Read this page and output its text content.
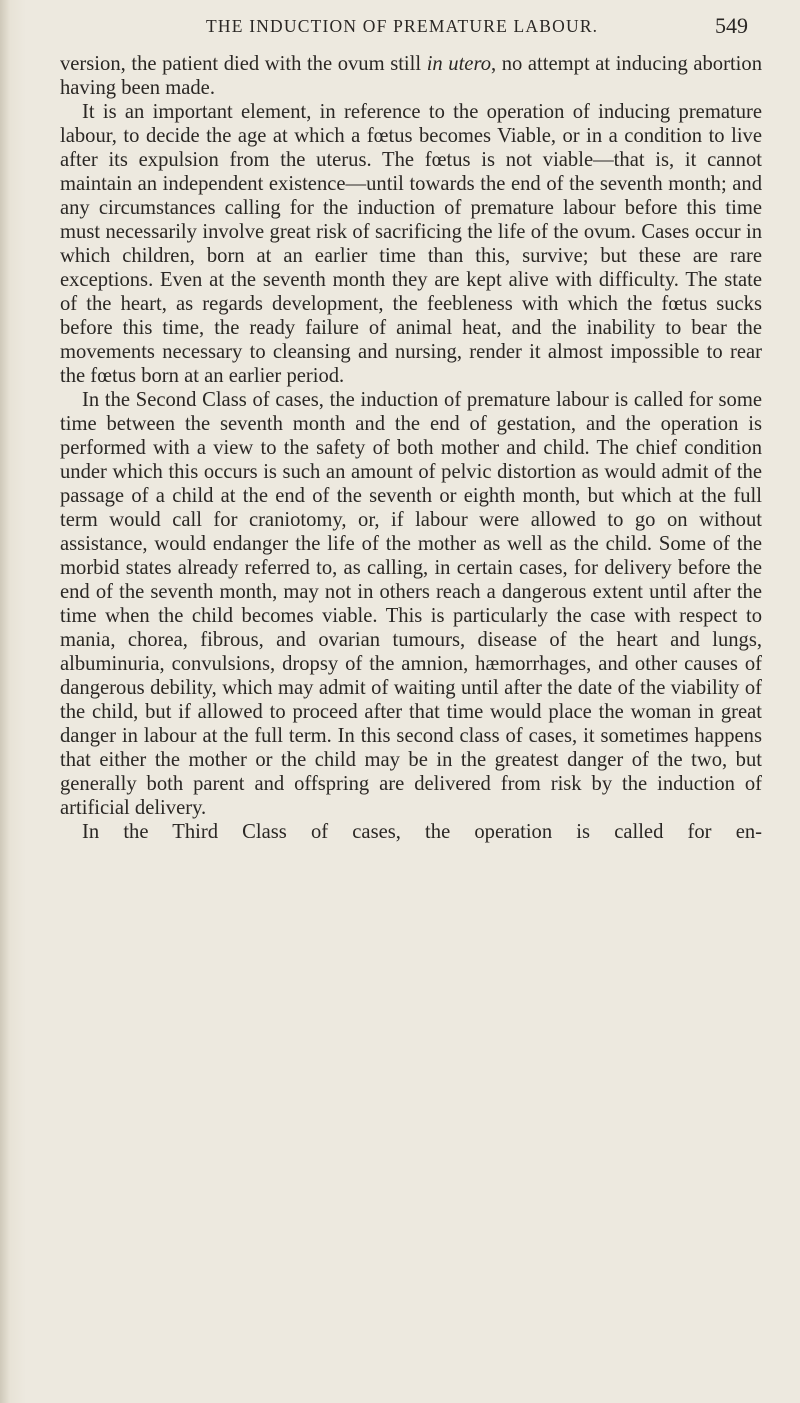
THE INDUCTION OF PREMATURE LABOUR.	549

version, the patient died with the ovum still in utero, no attempt at inducing abortion having been made.

It is an important element, in reference to the operation of inducing premature labour, to decide the age at which a fœtus becomes Viable, or in a condition to live after its expulsion from the uterus. The fœtus is not viable—that is, it cannot maintain an independent existence—until towards the end of the seventh month; and any circumstances calling for the induction of premature labour before this time must necessarily involve great risk of sacrificing the life of the ovum. Cases occur in which children, born at an earlier time than this, survive; but these are rare exceptions. Even at the seventh month they are kept alive with difficulty. The state of the heart, as regards development, the feebleness with which the fœtus sucks before this time, the ready failure of animal heat, and the inability to bear the movements necessary to cleansing and nursing, render it almost impossible to rear the fœtus born at an earlier period.

In the Second Class of cases, the induction of premature labour is called for some time between the seventh month and the end of gestation, and the operation is performed with a view to the safety of both mother and child. The chief condition under which this occurs is such an amount of pelvic distortion as would admit of the passage of a child at the end of the seventh or eighth month, but which at the full term would call for craniotomy, or, if labour were allowed to go on without assistance, would endanger the life of the mother as well as the child. Some of the morbid states already referred to, as calling, in certain cases, for delivery before the end of the seventh month, may not in others reach a dangerous extent until after the time when the child becomes viable. This is particularly the case with respect to mania, chorea, fibrous, and ovarian tumours, disease of the heart and lungs, albuminuria, convulsions, dropsy of the amnion, hæmorrhages, and other causes of dangerous debility, which may admit of waiting until after the date of the viability of the child, but if allowed to proceed after that time would place the woman in great danger in labour at the full term. In this second class of cases, it sometimes happens that either the mother or the child may be in the greatest danger of the two, but generally both parent and offspring are delivered from risk by the induction of artificial delivery.

In the Third Class of cases, the operation is called for en-
